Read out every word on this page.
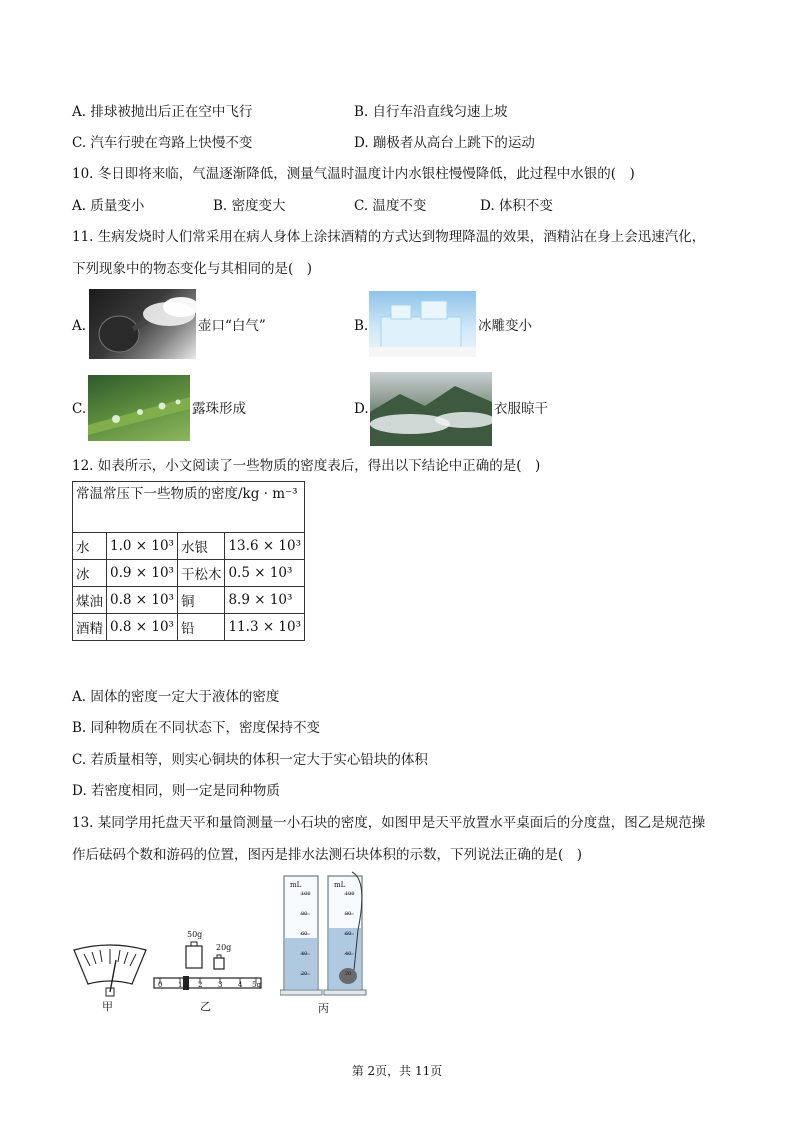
A. 排球被抛出后正在空中飞行	B. 自行车沿直线匀速上坡
C. 汽车行驶在弯路上快慢不变	D. 蹦极者从高台上跳下的运动
10. 冬日即将来临，气温逐渐降低，测量气温时温度计内水银柱慢慢降低，此过程中水银的(　)
A. 质量变小	B. 密度变大	C. 温度不变	D. 体积不变
11. 生病发烧时人们常采用在病人身体上涂抹酒精的方式达到物理降温的效果，酒精沾在身上会迅速汽化，
下列现象中的物态变化与其相同的是(　)
A.	壶口“白气”	B.	冰雕变小
C.	露珠形成	D.	衣服晾干
12. 如表所示，小文阅读了一些物质的密度表后，得出以下结论中正确的是(　)
常温常压下一些物质的密度/kg · m⁻³			
水	1.0 × 10³	水银	13.6 × 10³
冰	0.9 × 10³	干松木	0.5 × 10³
煤油	0.8 × 10³	铜	8.9 × 10³
酒精	0.8 × 10³	铅	11.3 × 10³
A. 固体的密度一定大于液体的密度
B. 同种物质在不同状态下，密度保持不变
C. 若质量相等，则实心铜块的体积一定大于实心铅块的体积
D. 若密度相同，则一定是同种物质
13. 某同学用托盘天平和量筒测量一小石块的密度，如图甲是天平放置水平桌面后的分度盘，图乙是规范操
作后砝码个数和游码的位置，图丙是排水法测石块体积的示数，下列说法正确的是(　)
甲
50g
20g
0 1 2 3 4 5g
乙
mL	mL
100
80
60
40
20
100
80
60
40
20
丙
第 2页，共 11页
